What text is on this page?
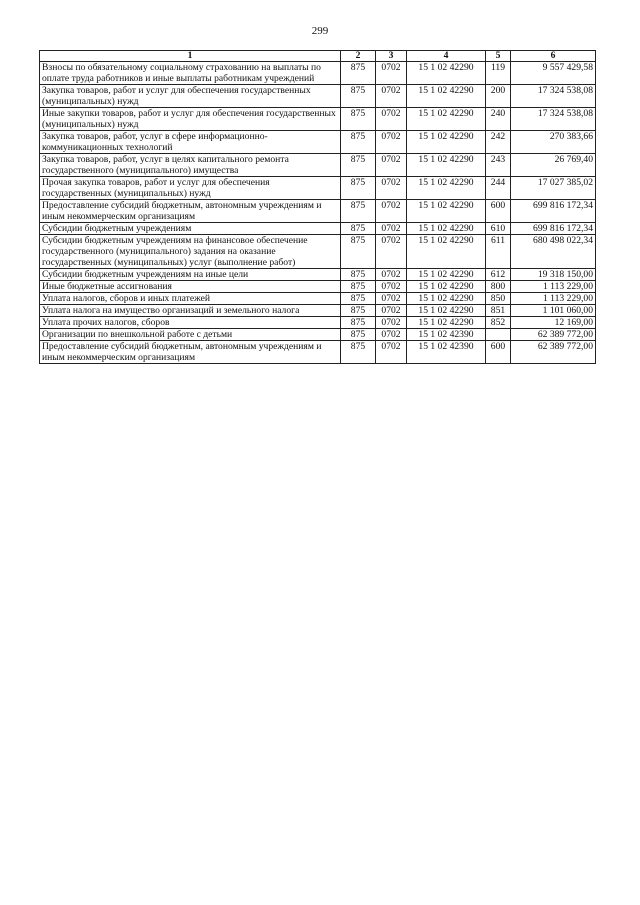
299
1	2	3	4	5	6
Взносы по обязательному социальному страхованию на выплаты по оплате труда работников и иные выплаты работникам учреждений	875	0702	15 1 02 42290	119	9 557 429,58
Закупка товаров, работ и услуг для обеспечения государственных (муниципальных) нужд	875	0702	15 1 02 42290	200	17 324 538,08
Иные закупки товаров, работ и услуг для обеспечения государственных (муниципальных) нужд	875	0702	15 1 02 42290	240	17 324 538,08
Закупка товаров, работ, услуг в сфере информационно-коммуникационных технологий	875	0702	15 1 02 42290	242	270 383,66
Закупка товаров, работ, услуг в целях капитального ремонта государственного (муниципального) имущества	875	0702	15 1 02 42290	243	26 769,40
Прочая закупка товаров, работ и услуг для обеспечения государственных (муниципальных) нужд	875	0702	15 1 02 42290	244	17 027 385,02
Предоставление субсидий бюджетным, автономным учреждениям и иным некоммерческим организациям	875	0702	15 1 02 42290	600	699 816 172,34
Субсидии бюджетным учреждениям	875	0702	15 1 02 42290	610	699 816 172,34
Субсидии бюджетным учреждениям на финансовое обеспечение государственного (муниципального) задания на оказание государственных (муниципальных) услуг (выполнение работ)	875	0702	15 1 02 42290	611	680 498 022,34
Субсидии бюджетным учреждениям на иные цели	875	0702	15 1 02 42290	612	19 318 150,00
Иные бюджетные ассигнования	875	0702	15 1 02 42290	800	1 113 229,00
Уплата налогов, сборов и иных платежей	875	0702	15 1 02 42290	850	1 113 229,00
Уплата налога на имущество организаций и земельного налога	875	0702	15 1 02 42290	851	1 101 060,00
Уплата прочих налогов, сборов	875	0702	15 1 02 42290	852	12 169,00
Организации по внешкольной работе с детьми	875	0702	15 1 02 42390		62 389 772,00
Предоставление субсидий бюджетным, автономным учреждениям и иным некоммерческим организациям	875	0702	15 1 02 42390	600	62 389 772,00
